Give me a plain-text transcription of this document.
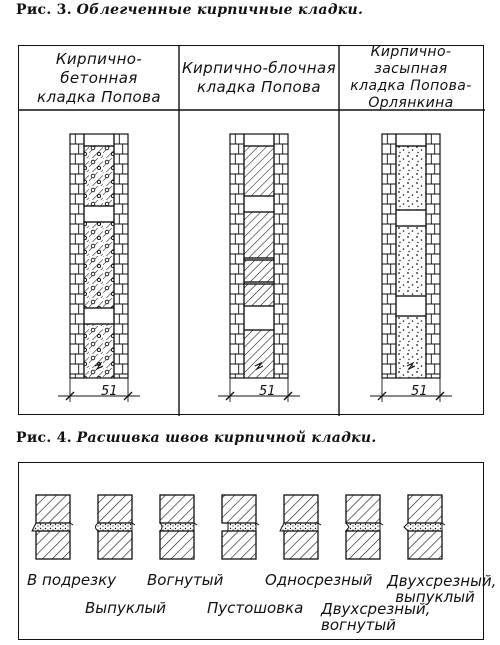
Рис. 3. Облегченные кирпичные кладки.
Кирпично-бетонная
кладка Попова
Кирпично-блочная
кладка Попова
Кирпично-засыпная
кладка Попова-
Орлянкина
51	51	51
Рис. 4. Расшивка швов кирпичной кладки.
В подрезку
Выпуклый
Вогнутый
Пустошовка
Односрезный
Двухсрезный, вогнутый
Двухсрезный, выпуклый
